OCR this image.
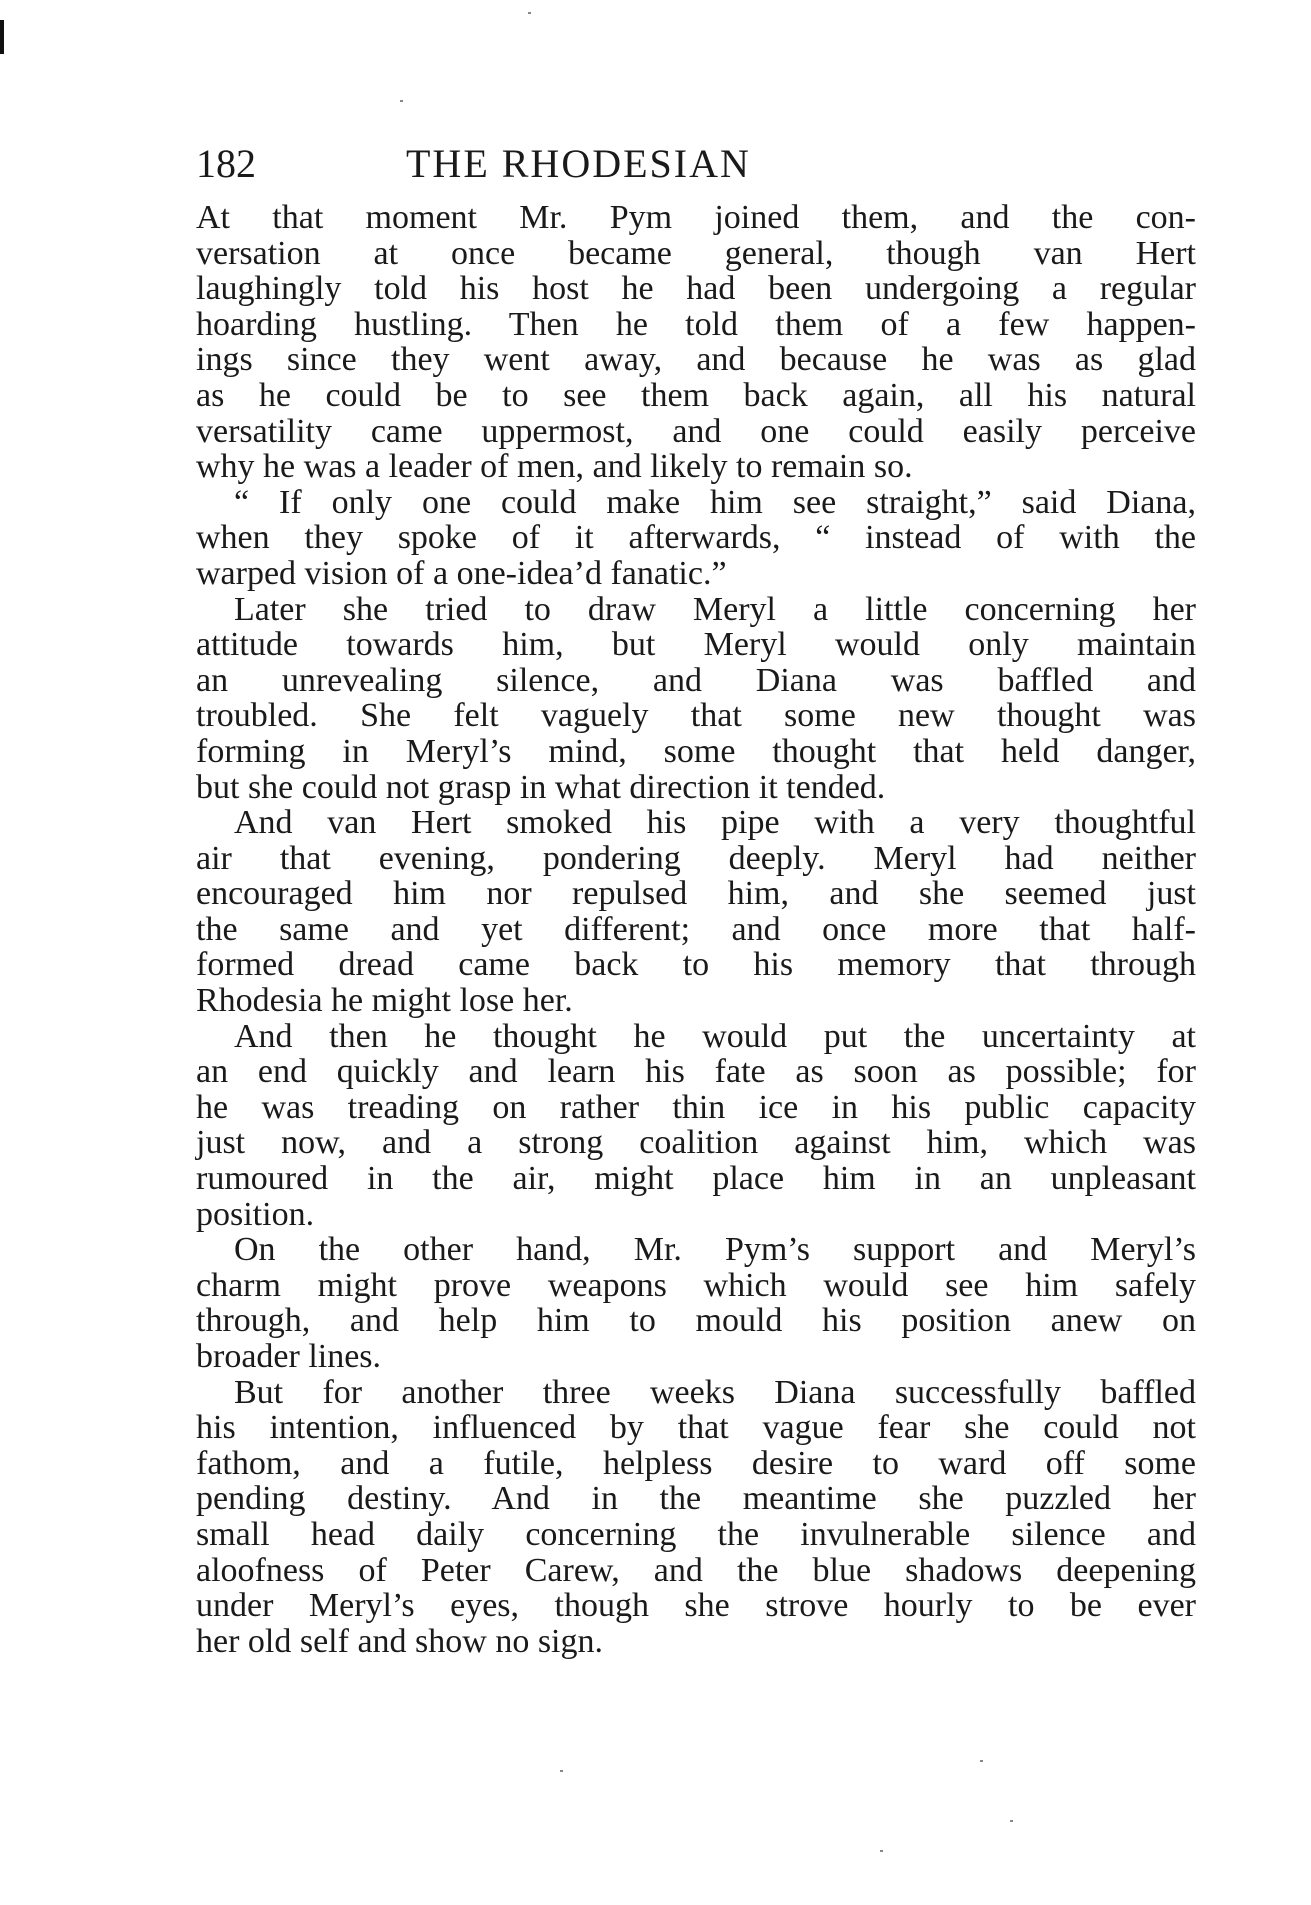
182	THE RHODESIAN
At that moment Mr. Pym joined them, and the con-
versation at once became general, though van Hert
laughingly told his host he had been undergoing a regular
hoarding hustling. Then he told them of a few happen-
ings since they went away, and because he was as glad
as he could be to see them back again, all his natural
versatility came uppermost, and one could easily perceive
why he was a leader of men, and likely to remain so.
“ If only one could make him see straight,” said Diana,
when they spoke of it afterwards, “ instead of with the
warped vision of a one-idea’d fanatic.”
Later she tried to draw Meryl a little concerning her
attitude towards him, but Meryl would only maintain
an unrevealing silence, and Diana was baffled and
troubled. She felt vaguely that some new thought was
forming in Meryl’s mind, some thought that held danger,
but she could not grasp in what direction it tended.
And van Hert smoked his pipe with a very thoughtful
air that evening, pondering deeply. Meryl had neither
encouraged him nor repulsed him, and she seemed just
the same and yet different; and once more that half-
formed dread came back to his memory that through
Rhodesia he might lose her.
And then he thought he would put the uncertainty at
an end quickly and learn his fate as soon as possible; for
he was treading on rather thin ice in his public capacity
just now, and a strong coalition against him, which was
rumoured in the air, might place him in an unpleasant
position.
On the other hand, Mr. Pym’s support and Meryl’s
charm might prove weapons which would see him safely
through, and help him to mould his position anew on
broader lines.
But for another three weeks Diana successfully baffled
his intention, influenced by that vague fear she could not
fathom, and a futile, helpless desire to ward off some
pending destiny. And in the meantime she puzzled her
small head daily concerning the invulnerable silence and
aloofness of Peter Carew, and the blue shadows deepening
under Meryl’s eyes, though she strove hourly to be ever
her old self and show no sign.
